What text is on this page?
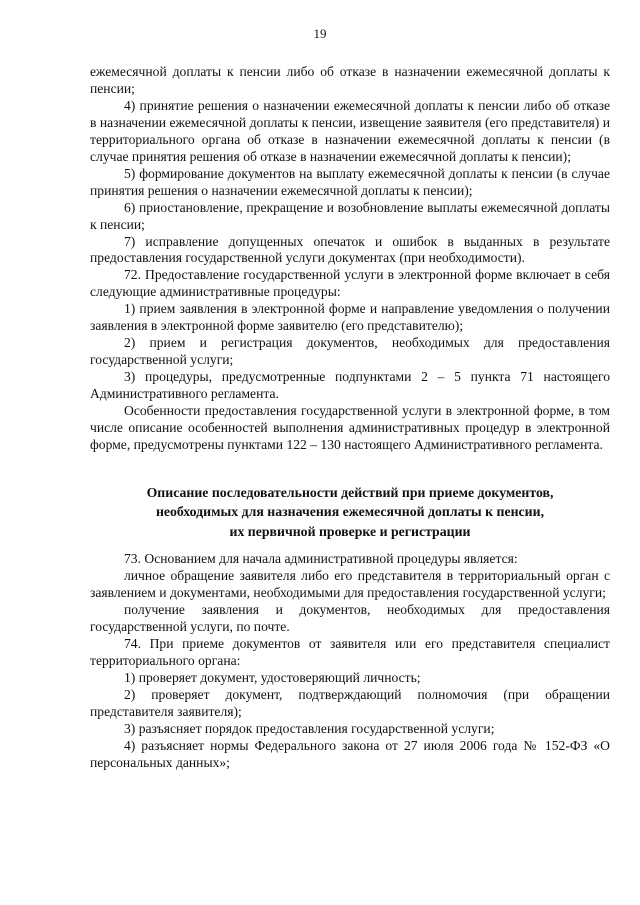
19

ежемесячной доплаты к пенсии либо об отказе в назначении ежемесячной доплаты к пенсии;

4) принятие решения о назначении ежемесячной доплаты к пенсии либо об отказе в назначении ежемесячной доплаты к пенсии, извещение заявителя (его представителя) и территориального органа об отказе в назначении ежемесячной доплаты к пенсии (в случае принятия решения об отказе в назначении ежемесячной доплаты к пенсии);

5) формирование документов на выплату ежемесячной доплаты к пенсии (в случае принятия решения о назначении ежемесячной доплаты к пенсии);

6) приостановление, прекращение и возобновление выплаты ежемесячной доплаты к пенсии;

7) исправление допущенных опечаток и ошибок в выданных в результате предоставления государственной услуги документах (при необходимости).

72. Предоставление государственной услуги в электронной форме включает в себя следующие административные процедуры:

1) прием заявления в электронной форме и направление уведомления о получении заявления в электронной форме заявителю (его представителю);

2) прием и регистрация документов, необходимых для предоставления государственной услуги;

3) процедуры, предусмотренные подпунктами 2 – 5 пункта 71 настоящего Административного регламента.

Особенности предоставления государственной услуги в электронной форме, в том числе описание особенностей выполнения административных процедур в электронной форме, предусмотрены пунктами 122 – 130 настоящего Административного регламента.

Описание последовательности действий при приеме документов,
необходимых для назначения ежемесячной доплаты к пенсии,
их первичной проверке и регистрации

73. Основанием для начала административной процедуры является:

личное обращение заявителя либо его представителя в территориальный орган с заявлением и документами, необходимыми для предоставления государственной услуги;

получение заявления и документов, необходимых для предоставления государственной услуги, по почте.

74. При приеме документов от заявителя или его представителя специалист территориального органа:

1) проверяет документ, удостоверяющий личность;

2) проверяет документ, подтверждающий полномочия (при обращении представителя заявителя);

3) разъясняет порядок предоставления государственной услуги;

4) разъясняет нормы Федерального закона от 27 июля 2006 года № 152-ФЗ «О персональных данных»;
